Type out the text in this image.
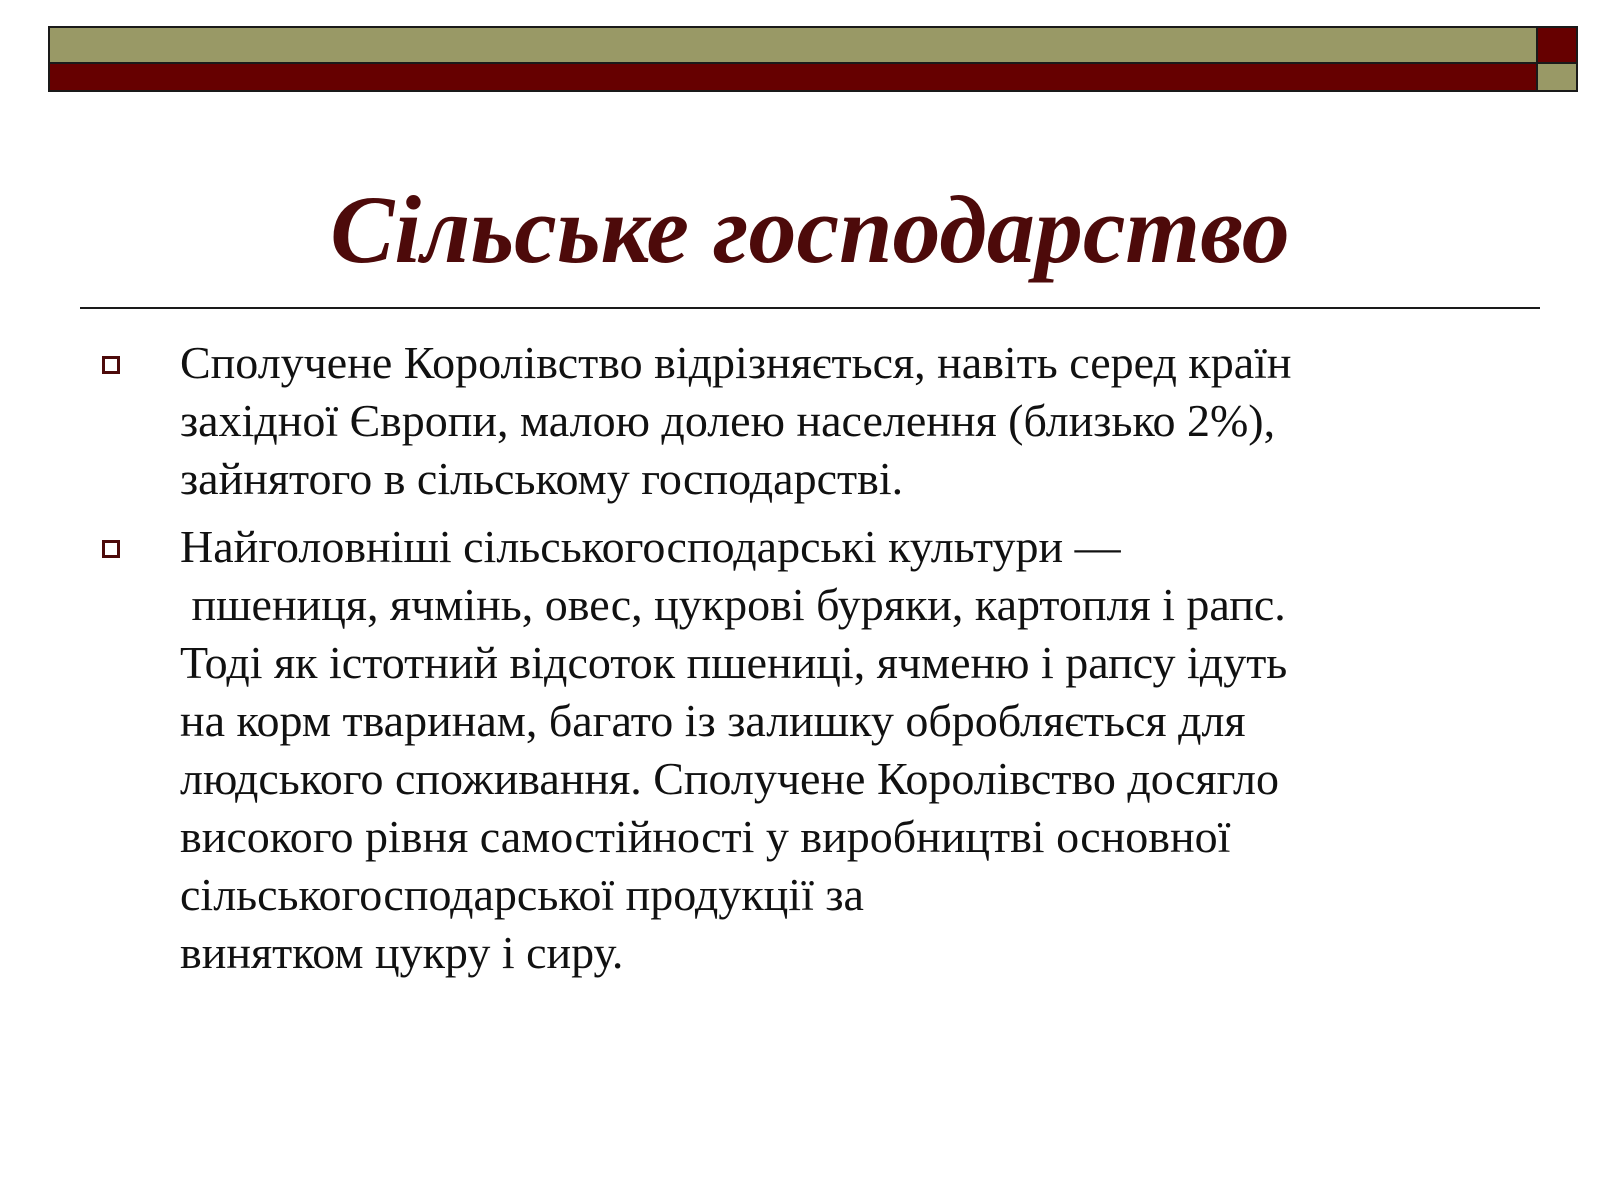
Сільське господарство
Сполучене Королівство відрізняється, навіть серед країн
західної Європи, малою долею населення (близько 2%),
зайнятого в сільському господарстві.
Найголовніші сільськогосподарські культури —
пшениця, ячмінь, овес, цукрові буряки, картопля і рапс.
Тоді як істотний відсоток пшениці, ячменю і рапсу ідуть
на корм тваринам, багато із залишку обробляється для
людського споживання. Сполучене Королівство досягло
високого рівня самостійності у виробництві основної
сільськогосподарської продукції за
винятком цукру і сиру.
